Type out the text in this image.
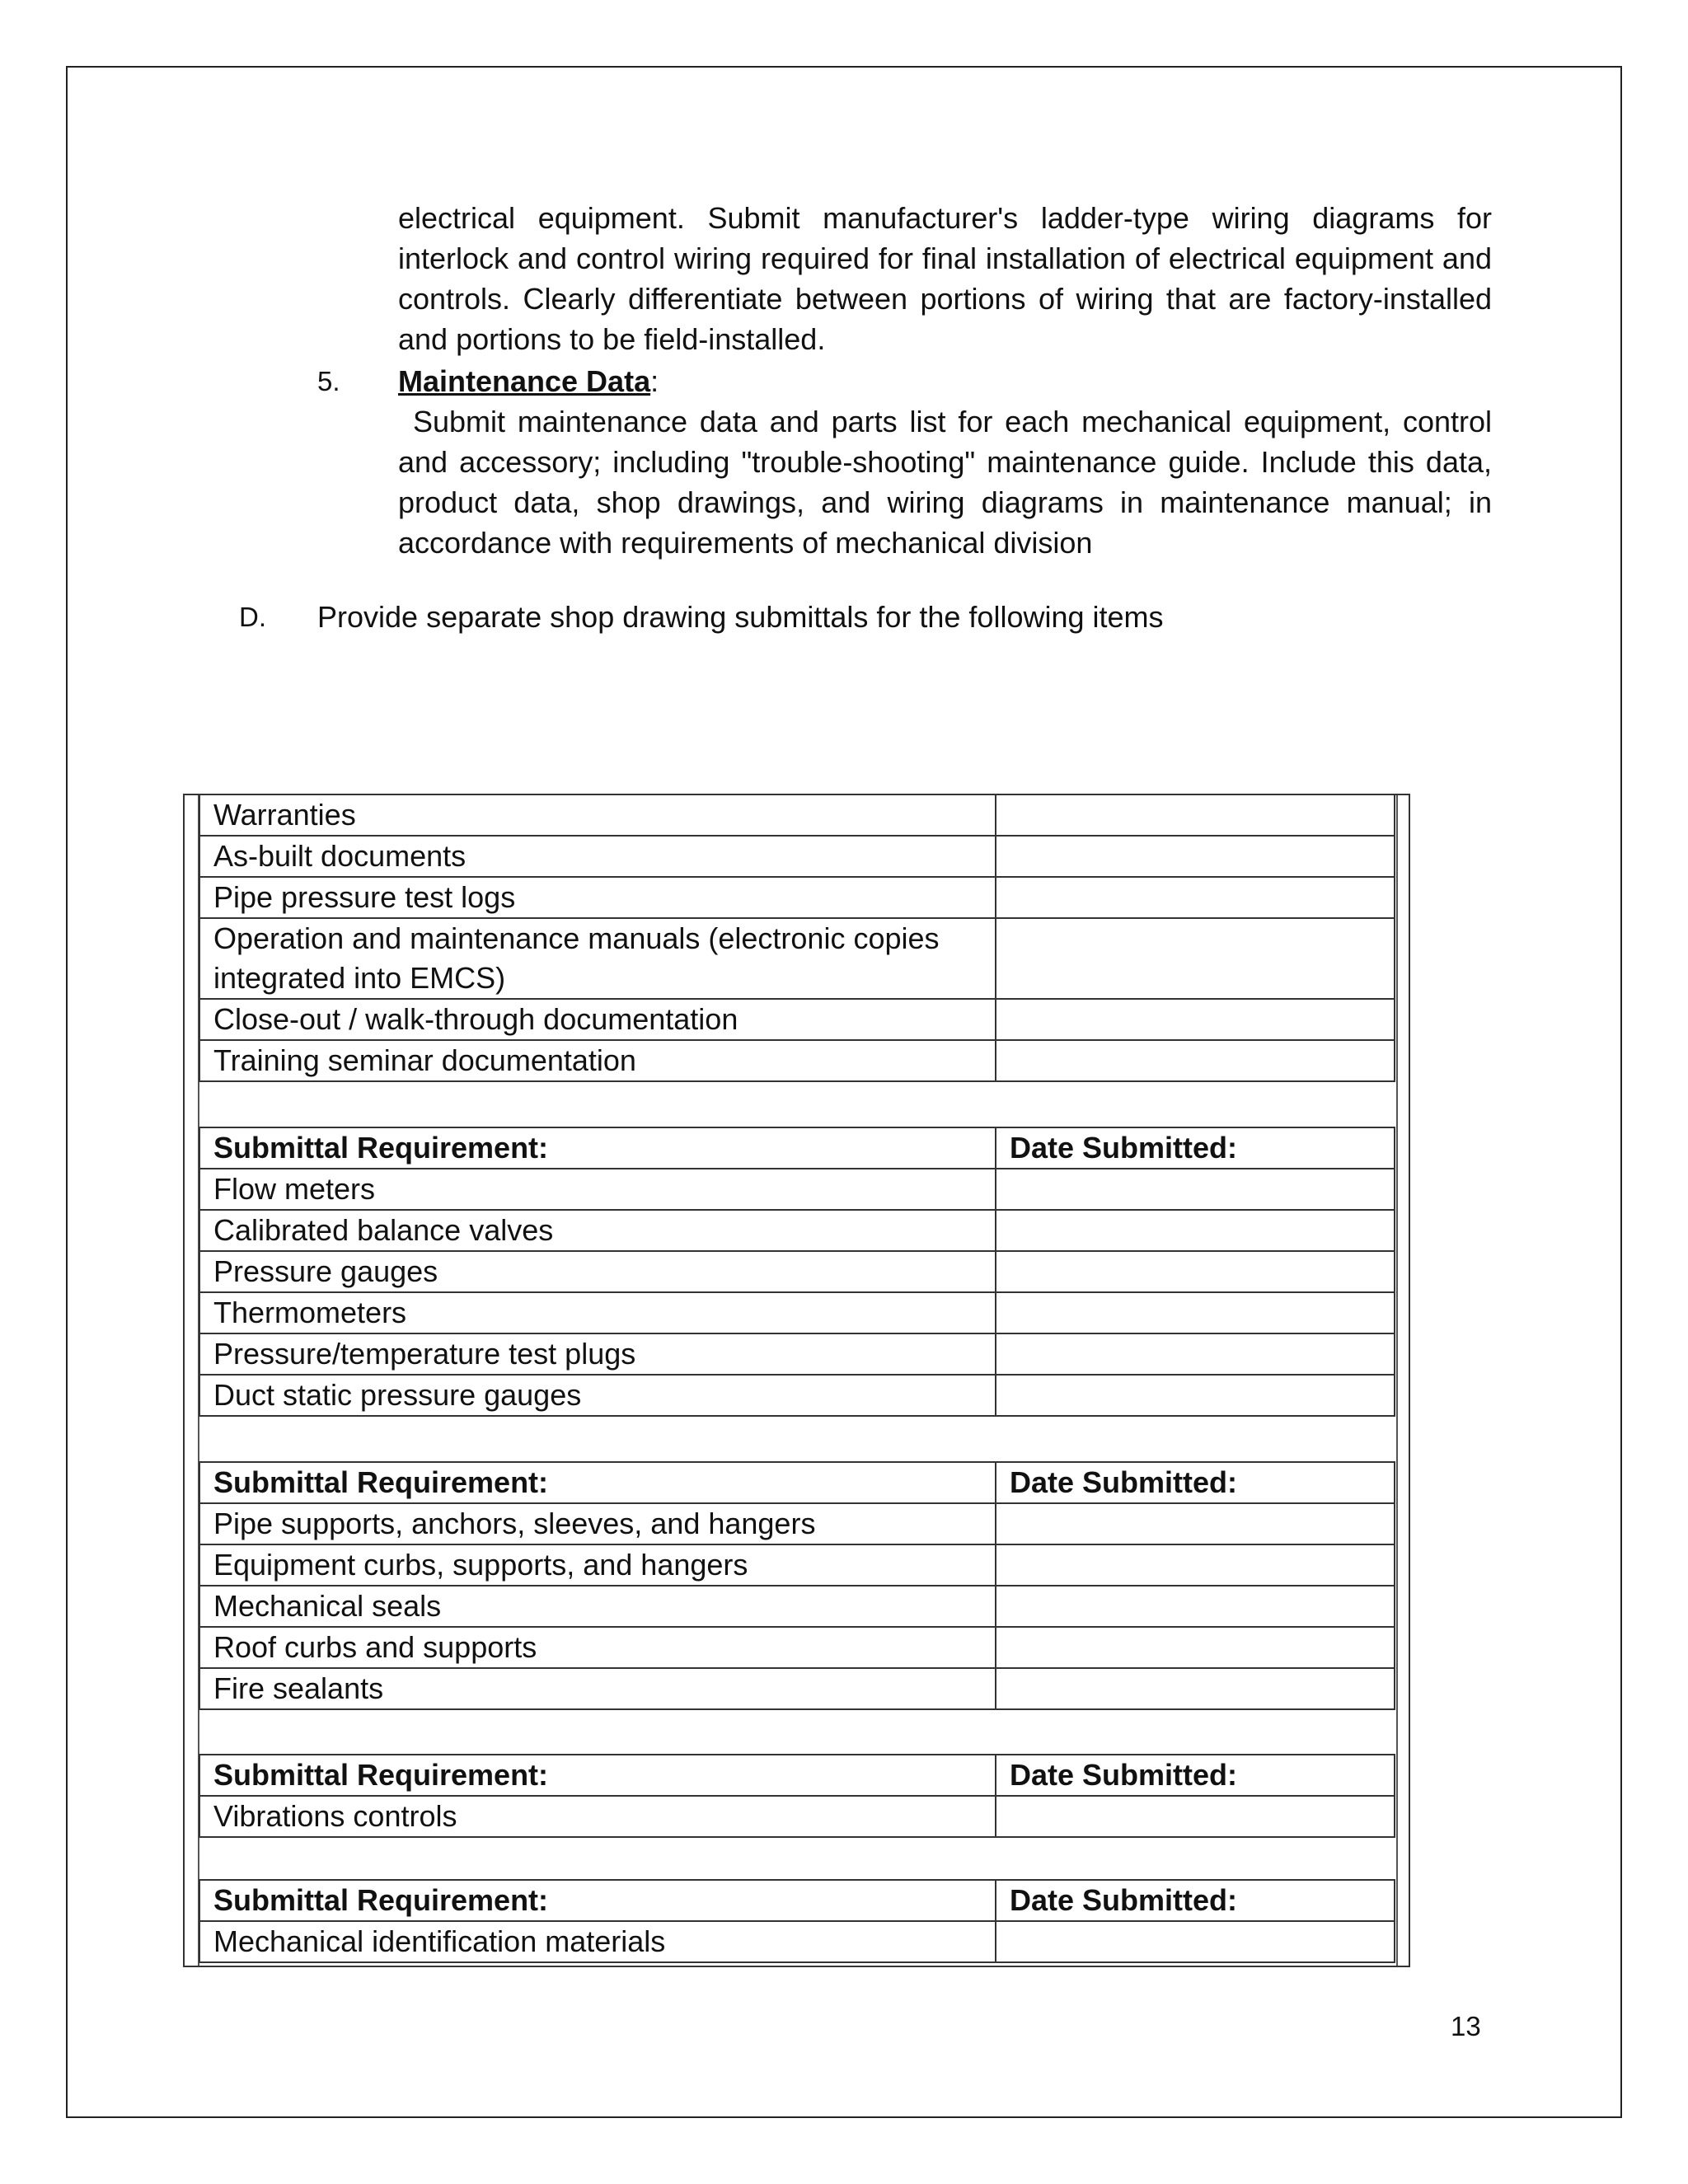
electrical equipment. Submit manufacturer's ladder-type wiring diagrams for interlock and control wiring required for final installation of electrical equipment and controls. Clearly differentiate between portions of wiring that are factory-installed and portions to be field-installed.

5. Maintenance Data:

Submit maintenance data and parts list for each mechanical equipment, control and accessory; including "trouble-shooting" maintenance guide. Include this data, product data, shop drawings, and wiring diagrams in maintenance manual; in accordance with requirements of mechanical division

D. Provide separate shop drawing submittals for the following items
Warranties	
As-built documents	
Pipe pressure test logs	
Operation and maintenance manuals (electronic copies integrated into EMCS)	
Close-out / walk-through documentation	
Training seminar documentation	
Submittal Requirement:	Date Submitted:
Flow meters	
Calibrated balance valves	
Pressure gauges	
Thermometers	
Pressure/temperature test plugs	
Duct static pressure gauges	
Submittal Requirement:	Date Submitted:
Pipe supports, anchors, sleeves, and hangers	
Equipment curbs, supports, and hangers	
Mechanical seals	
Roof curbs and supports	
Fire sealants	
Submittal Requirement:	Date Submitted:
Vibrations controls	
Submittal Requirement:	Date Submitted:
Mechanical identification materials	
13
